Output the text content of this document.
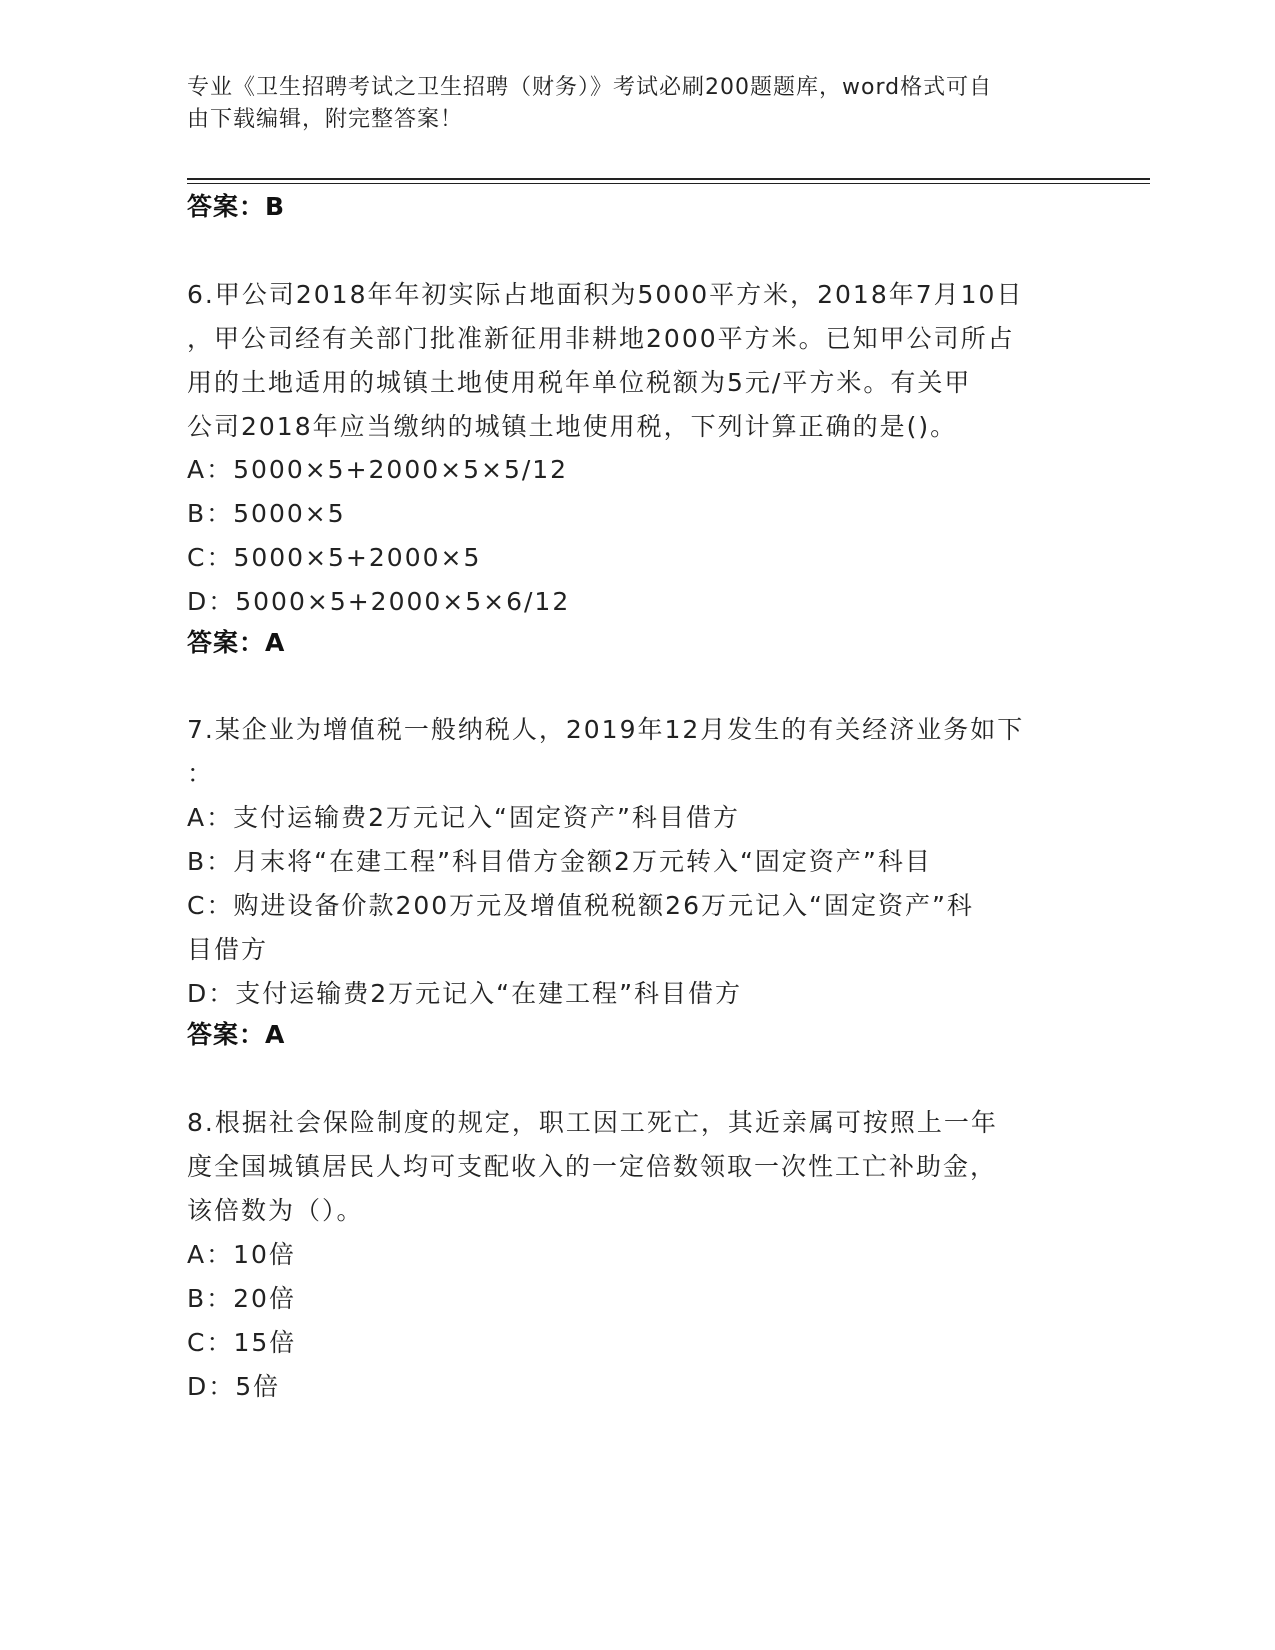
专业《卫生招聘考试之卫生招聘（财务）》考试必刷200题题库，word格式可自
由下载编辑，附完整答案！
答案：B
6.甲公司2018年年初实际占地面积为5000平方米，2018年7月10日
，甲公司经有关部门批准新征用非耕地2000平方米。已知甲公司所占
用的土地适用的城镇土地使用税年单位税额为5元/平方米。有关甲
公司2018年应当缴纳的城镇土地使用税，下列计算正确的是()。
A：5000×5+2000×5×5/12
B：5000×5
C：5000×5+2000×5
D：5000×5+2000×5×6/12
答案：A
7.某企业为增值税一般纳税人，2019年12月发生的有关经济业务如下
：
A：支付运输费2万元记入“固定资产”科目借方
B：月末将“在建工程”科目借方金额2万元转入“固定资产”科目
C：购进设备价款200万元及增值税税额26万元记入“固定资产”科
目借方
D：支付运输费2万元记入“在建工程”科目借方
答案：A
8.根据社会保险制度的规定，职工因工死亡，其近亲属可按照上一年
度全国城镇居民人均可支配收入的一定倍数领取一次性工亡补助金，
该倍数为（）。
A：10倍
B：20倍
C：15倍
D：5倍
